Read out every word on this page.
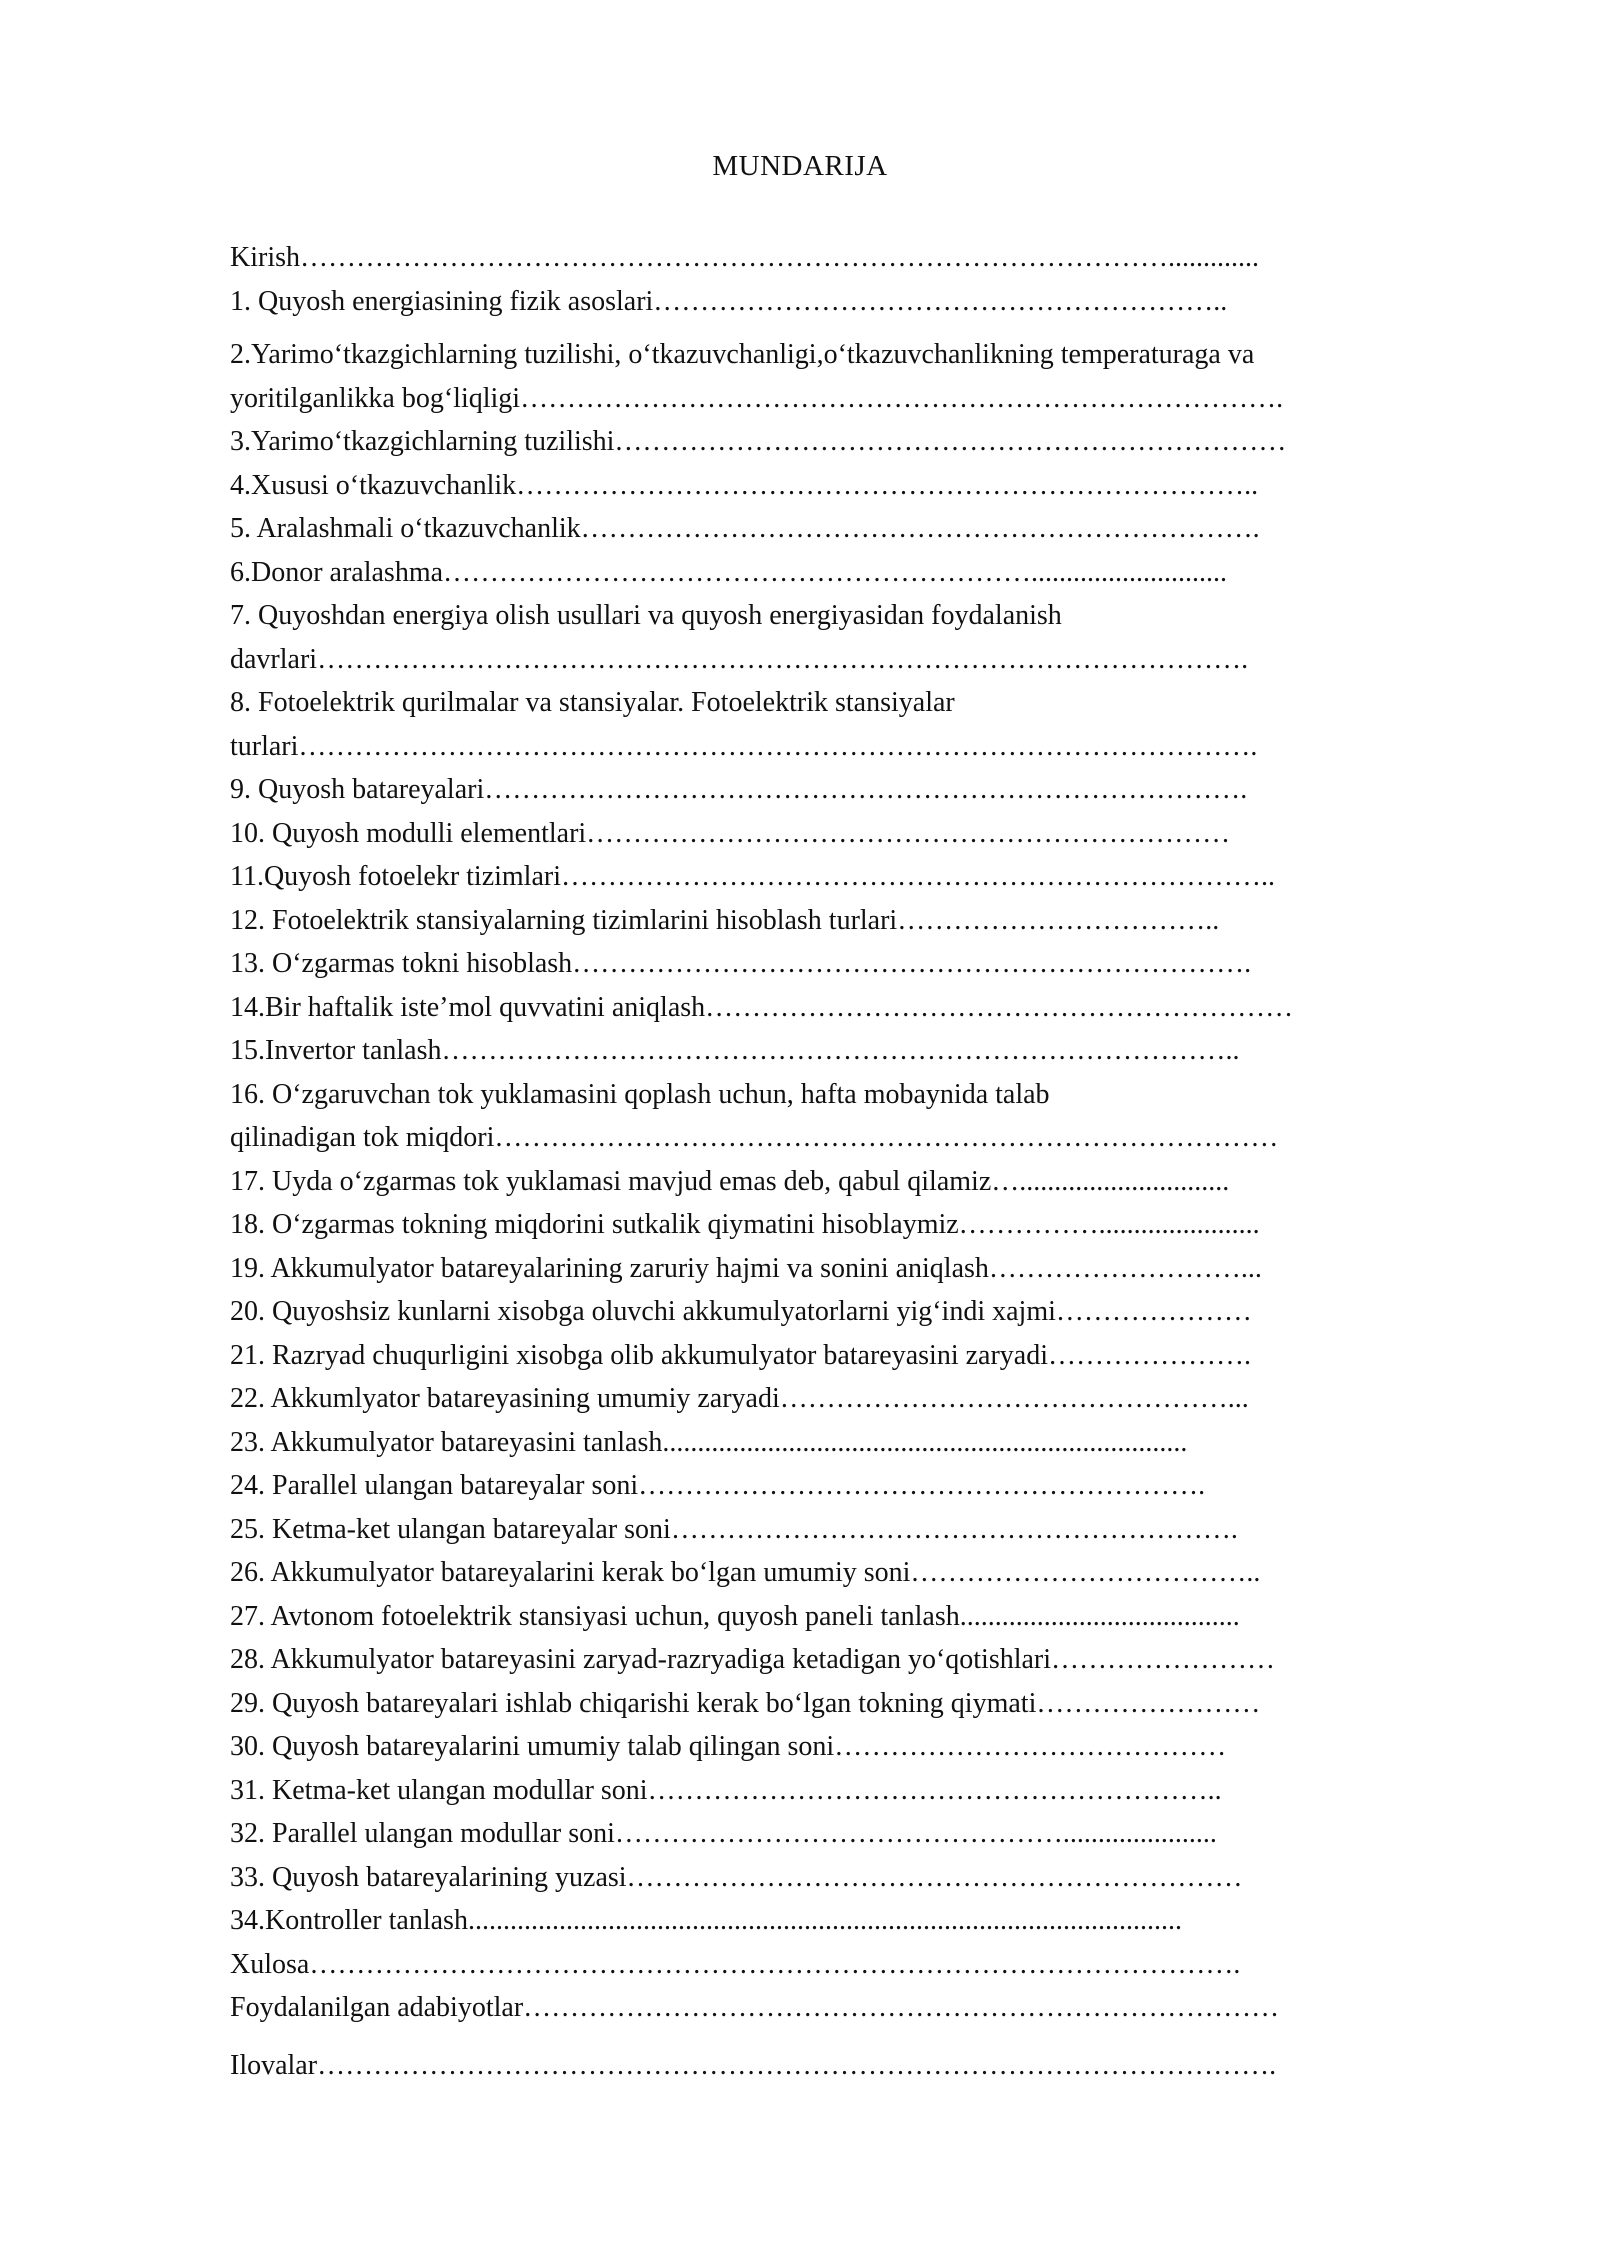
MUNDARIJA
Kirish………………………………………………………………………………….............
1. Quyosh energiasining fizik asoslari……………………………………………………..
2.Yarimo‘tkazgichlarning tuzilishi, o‘tkazuvchanligi,o‘tkazuvchanlikning temperaturaga va
yoritilganlikka bog‘liqligi……………………………………………………………………….
3.Yarimo‘tkazgichlarning tuzilishi………………………………………………………………
4.Xususi o‘tkazuvchanlik……………………………………………………………………..
5. Aralashmali o‘tkazuvchanlik……………………………………………………………….
6.Donor aralashma………………………………………………………............................
7. Quyoshdan energiya olish usullari va quyosh energiyasidan foydalanish
davrlari……………………………………………………………………………………….
8. Fotoelektrik qurilmalar va stansiyalar. Fotoelektrik stansiyalar
turlari………………………………………………………………………………………….
9. Quyosh batareyalari……………………………………………………………………….
10. Quyosh modulli elementlari……………………………………………………………
11.Quyosh fotoelekr tizimlari…………………………………………………………………..
12. Fotoelektrik stansiyalarning tizimlarini hisoblash turlari……………………………..
13. O‘zgarmas tokni hisoblash……………………………………………………………….
14.Bir haftalik iste’mol quvvatini aniqlash………………………………………………………
15.Invertor tanlash…………………………………………………………………………..
16. O‘zgaruvchan tok yuklamasini qoplash uchun, hafta mobaynida talab
qilinadigan tok miqdori…………………………………………………………………………
17. Uyda o‘zgarmas tok yuklamasi mavjud emas deb, qabul qilamiz…..............................
18. O‘zgarmas tokning miqdorini sutkalik qiymatini hisoblaymiz…………….......................
19. Akkumulyator batareyalarining zaruriy hajmi va sonini aniqlash………………………...
20. Quyoshsiz kunlarni xisobga oluvchi akkumulyatorlarni yig‘indi xajmi…………………
21. Razryad chuqurligini xisobga olib akkumulyator batareyasini zaryadi………………….
22. Akkumlyator batareyasining umumiy zaryadi…………………………………………...
23. Akkumulyator batareyasini tanlash...........................................................................
24. Parallel ulangan batareyalar soni…………………………………………………….
25. Ketma-ket ulangan batareyalar soni…………………………………………………….
26. Akkumulyator batareyalarini kerak bo‘lgan umumiy soni………………………………..
27. Avtonom fotoelektrik stansiyasi uchun, quyosh paneli tanlash........................................
28. Akkumulyator batareyasini zaryad-razryadiga ketadigan yo‘qotishlari……………………
29. Quyosh batareyalari ishlab chiqarishi kerak bo‘lgan tokning qiymati……………………
30. Quyosh batareyalarini umumiy talab qilingan soni……………………………………
31. Ketma-ket ulangan modullar soni……………………………………………………..
32. Parallel ulangan modullar soni…………………………………………......................
33. Quyosh batareyalarining yuzasi…………………………………………………………
34.Kontroller tanlash......................................................................................................
Xulosa……………………………………………………………………………………….
Foydalanilgan adabiyotlar………………………………………………………………………
Ilovalar………………………………………………………………………………………….
